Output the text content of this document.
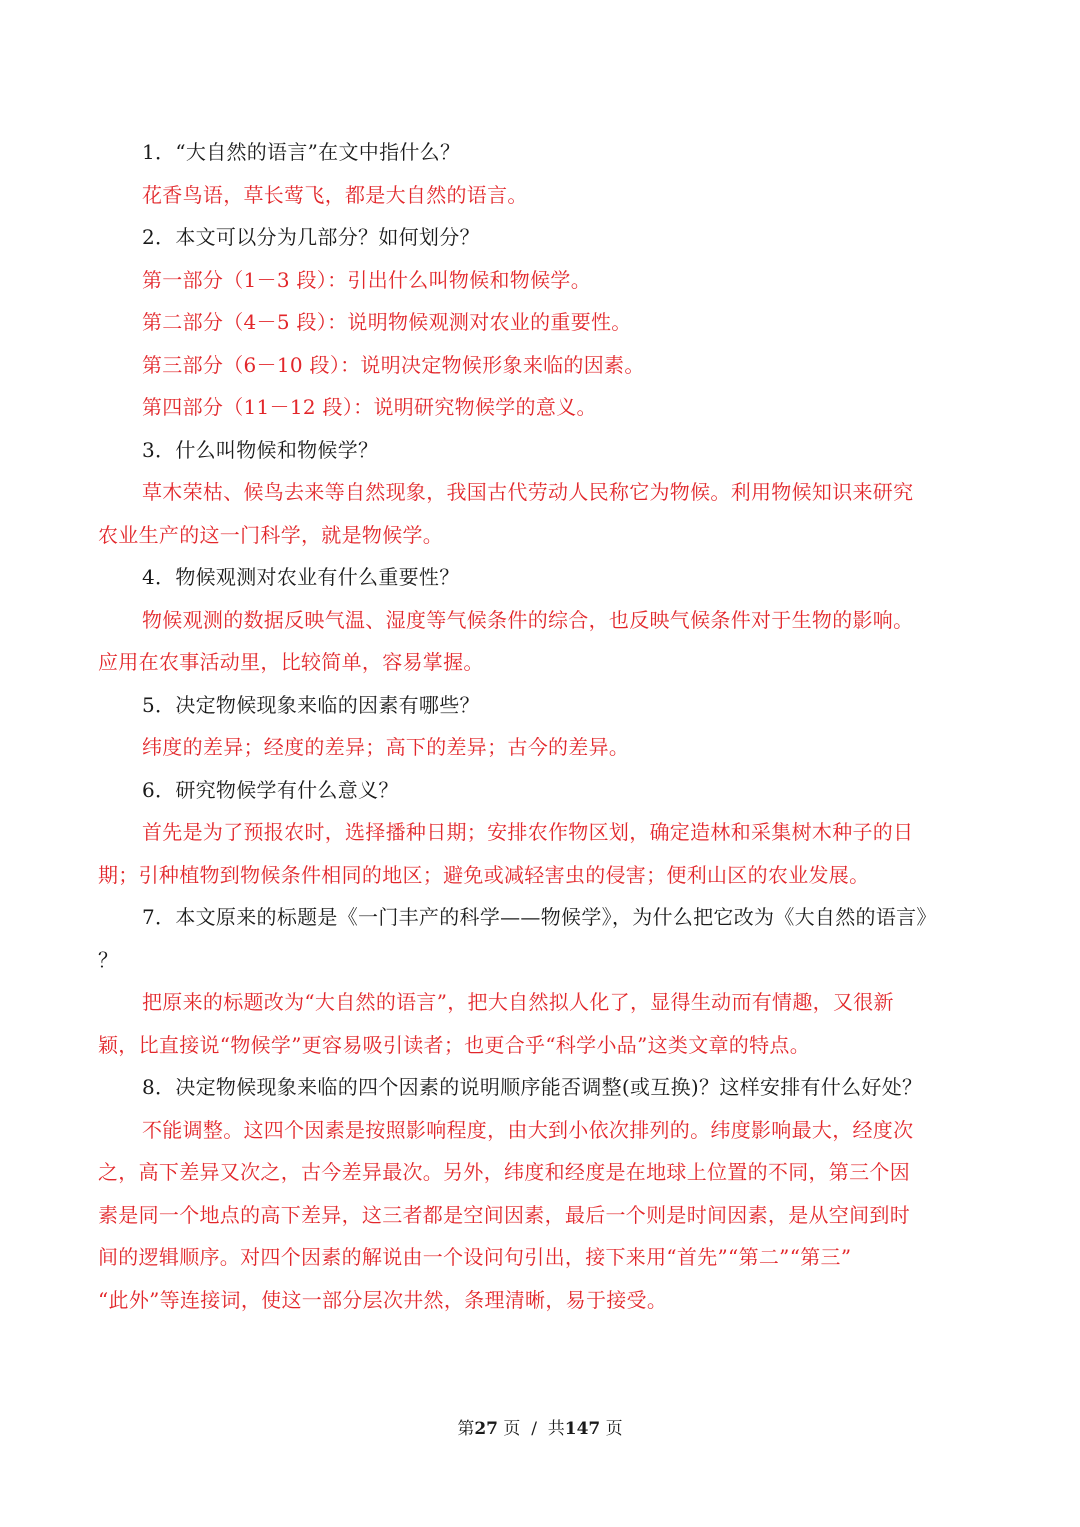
1．“大自然的语言”在文中指什么？
花香鸟语，草长莺飞，都是大自然的语言。
2．本文可以分为几部分？如何划分？
第一部分（1－3 段）：引出什么叫物候和物候学。
第二部分（4－5 段）：说明物候观测对农业的重要性。
第三部分（6－10 段）：说明决定物候形象来临的因素。
第四部分（11－12 段）：说明研究物候学的意义。
3．什么叫物候和物候学？
草木荣枯、候鸟去来等自然现象，我国古代劳动人民称它为物候。利用物候知识来研究
农业生产的这一门科学，就是物候学。
4．物候观测对农业有什么重要性？
物候观测的数据反映气温、湿度等气候条件的综合，也反映气候条件对于生物的影响。
应用在农事活动里，比较简单，容易掌握。
5．决定物候现象来临的因素有哪些？
纬度的差异；经度的差异；高下的差异；古今的差异。
6．研究物候学有什么意义？
首先是为了预报农时，选择播种日期；安排农作物区划，确定造林和采集树木种子的日
期；引种植物到物候条件相同的地区；避免或减轻害虫的侵害；便利山区的农业发展。
7．本文原来的标题是《一门丰产的科学——物候学》，为什么把它改为《大自然的语言》
？
把原来的标题改为“大自然的语言”，把大自然拟人化了，显得生动而有情趣，又很新
颖，比直接说“物候学”更容易吸引读者；也更合乎“科学小品”这类文章的特点。
8．决定物候现象来临的四个因素的说明顺序能否调整(或互换)？这样安排有什么好处？
不能调整。这四个因素是按照影响程度，由大到小依次排列的。纬度影响最大，经度次
之，高下差异又次之，古今差异最次。另外，纬度和经度是在地球上位置的不同，第三个因
素是同一个地点的高下差异，这三者都是空间因素，最后一个则是时间因素，是从空间到时
间的逻辑顺序。对四个因素的解说由一个设问句引出，接下来用“首先”“第二”“第三”
“此外”等连接词，使这一部分层次井然，条理清晰，易于接受。
第27 页  /  共147 页
